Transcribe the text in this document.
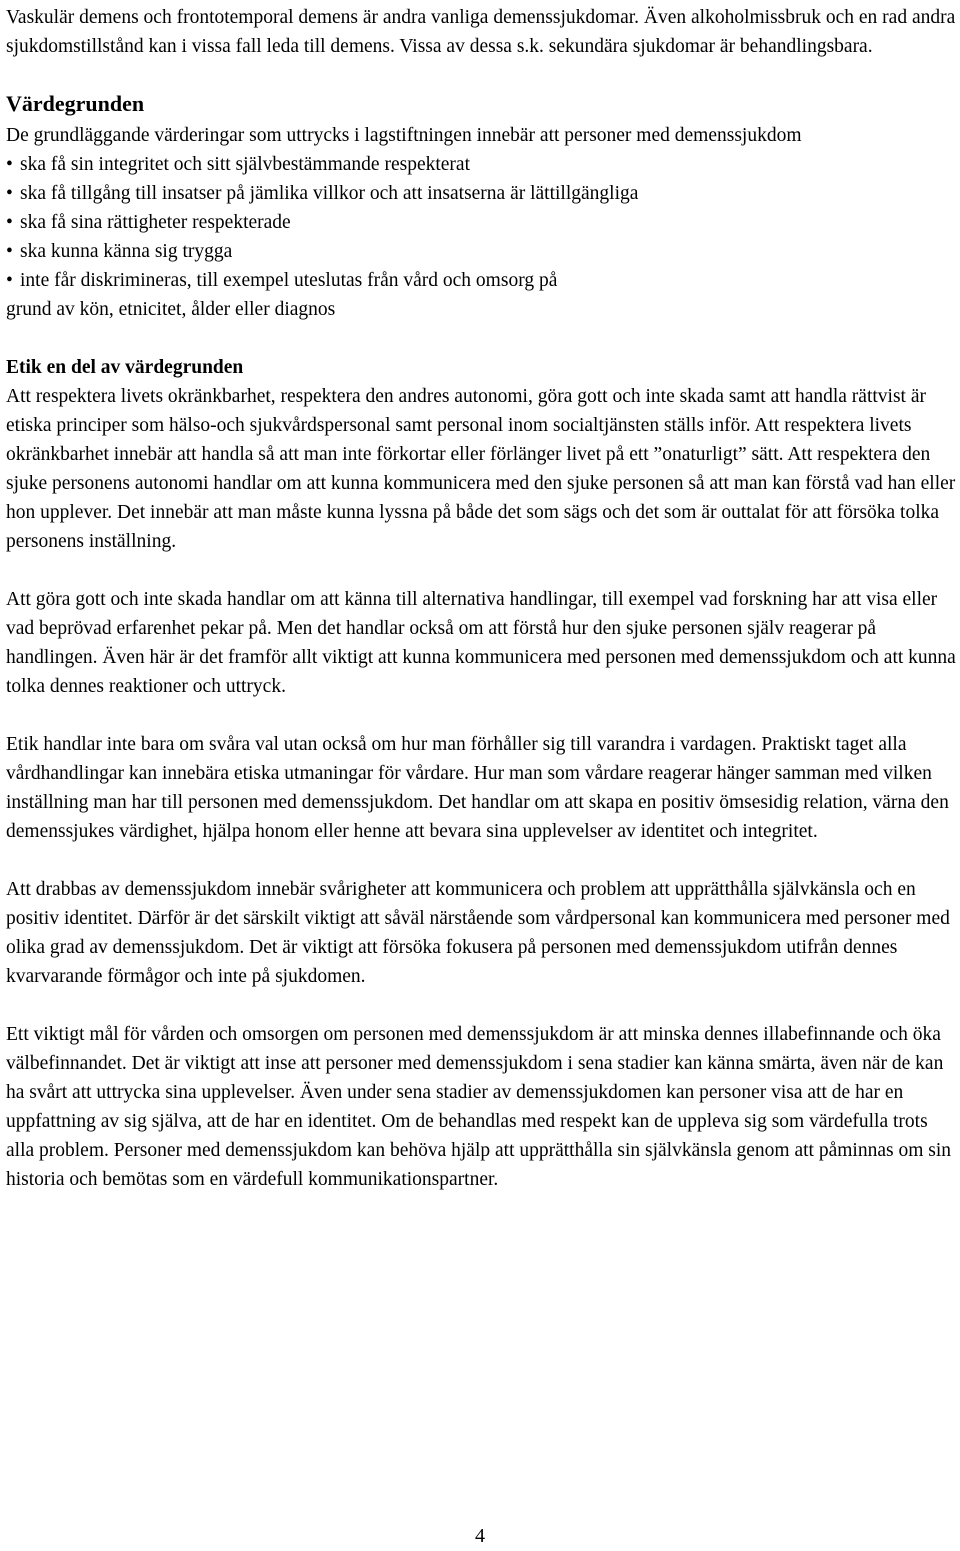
Vaskulär demens och frontotemporal demens är andra vanliga demenssjukdomar. Även alkoholmissbruk och en rad andra sjukdomstillstånd kan i vissa fall leda till demens. Vissa av dessa s.k. sekundära sjukdomar är behandlingsbara.

Värdegrunden

De grundläggande värderingar som uttrycks i lagstiftningen innebär att personer med demenssjukdom

• ska få sin integritet och sitt självbestämmande respekterat
• ska få tillgång till insatser på jämlika villkor och att insatserna är lättillgängliga
• ska få sina rättigheter respekterade
• ska kunna känna sig trygga
• inte får diskrimineras, till exempel uteslutas från vård och omsorg på

grund av kön, etnicitet, ålder eller diagnos

Etik en del av värdegrunden

Att respektera livets okränkbarhet, respektera den andres autonomi, göra gott och inte skada samt att handla rättvist är etiska principer som hälso-och sjukvårdspersonal samt personal inom socialtjänsten ställs inför. Att respektera livets okränkbarhet innebär att handla så att man inte förkortar eller förlänger livet på ett ”onaturligt” sätt. Att respektera den sjuke personens autonomi handlar om att kunna kommunicera med den sjuke personen så att man kan förstå vad han eller hon upplever. Det innebär att man måste kunna lyssna på både det som sägs och det som är outtalat för att försöka tolka personens inställning.

Att göra gott och inte skada handlar om att känna till alternativa handlingar, till exempel vad forskning har att visa eller vad beprövad erfarenhet pekar på. Men det handlar också om att förstå hur den sjuke personen själv reagerar på handlingen. Även här är det framför allt viktigt att kunna kommunicera med personen med demenssjukdom och att kunna tolka dennes reaktioner och uttryck.

Etik handlar inte bara om svåra val utan också om hur man förhåller sig till varandra i vardagen. Praktiskt taget alla vårdhandlingar kan innebära etiska utmaningar för vårdare. Hur man som vårdare reagerar hänger samman med vilken inställning man har till personen med demenssjukdom. Det handlar om att skapa en positiv ömsesidig relation, värna den demenssjukes värdighet, hjälpa honom eller henne att bevara sina upplevelser av identitet och integritet.

Att drabbas av demenssjukdom innebär svårigheter att kommunicera och problem att upprätthålla självkänsla och en positiv identitet. Därför är det särskilt viktigt att såväl närstående som vårdpersonal kan kommunicera med personer med olika grad av demenssjukdom. Det är viktigt att försöka fokusera på personen med demenssjukdom utifrån dennes kvarvarande förmågor och inte på sjukdomen.

Ett viktigt mål för vården och omsorgen om personen med demenssjukdom är att minska dennes illabefinnande och öka välbefinnandet. Det är viktigt att inse att personer med demenssjukdom i sena stadier kan känna smärta, även när de kan ha svårt att uttrycka sina upplevelser. Även under sena stadier av demenssjukdomen kan personer visa att de har en uppfattning av sig själva, att de har en identitet. Om de behandlas med respekt kan de uppleva sig som värdefulla trots alla problem. Personer med demenssjukdom kan behöva hjälp att upprätthålla sin självkänsla genom att påminnas om sin historia och bemötas som en värdefull kommunikationspartner.

4
